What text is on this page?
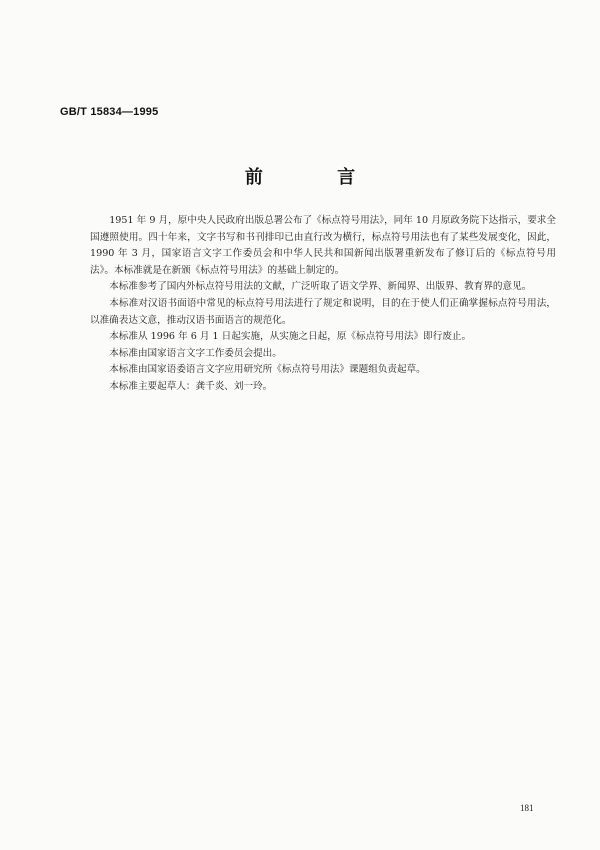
GB/T 15834—1995
前 言

1951 年 9 月，原中央人民政府出版总署公布了《标点符号用法》，同年 10 月原政务院下达指示，要求全国遵照使用。四十年来，文字书写和书刊排印已由直行改为横行，标点符号用法也有了某些发展变化，因此，1990 年 3 月，国家语言文字工作委员会和中华人民共和国新闻出版署重新发布了修订后的《标点符号用法》。本标准就是在新颁《标点符号用法》的基础上制定的。

本标准参考了国内外标点符号用法的文献，广泛听取了语文学界、新闻界、出版界、教育界的意见。

本标准对汉语书面语中常见的标点符号用法进行了规定和说明，目的在于使人们正确掌握标点符号用法，以准确表达文意，推动汉语书面语言的规范化。

本标准从 1996 年 6 月 1 日起实施，从实施之日起，原《标点符号用法》即行废止。

本标准由国家语言文字工作委员会提出。

本标准由国家语委语言文字应用研究所《标点符号用法》课题组负责起草。

本标准主要起草人：龚千炎、刘一玲。

181
